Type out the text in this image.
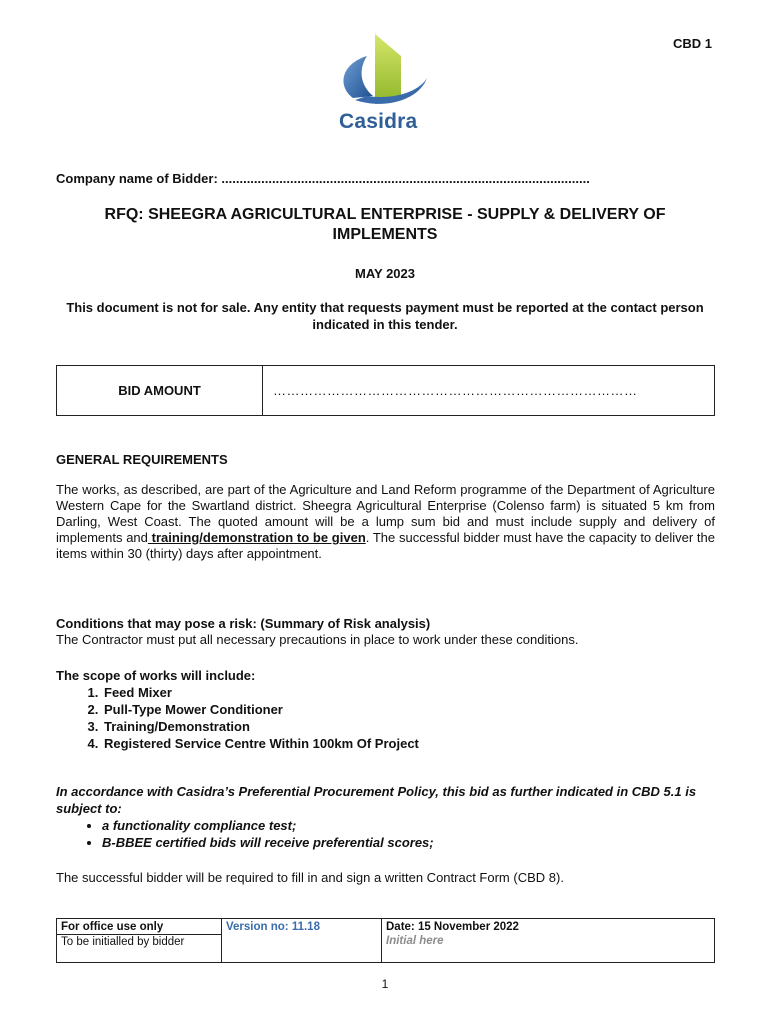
CBD 1
Casidra
Company name of Bidder: ......................................................................................................
RFQ: SHEEGRA AGRICULTURAL ENTERPRISE - SUPPLY & DELIVERY OF
IMPLEMENTS
MAY 2023
This document is not for sale. Any entity that requests payment must be reported at the contact person indicated in this tender.
BID AMOUNT	………………………………………………………………………
GENERAL REQUIREMENTS
The works, as described, are part of the Agriculture and Land Reform programme of the Department of Agriculture Western Cape for the Swartland district. Sheegra Agricultural Enterprise (Colenso farm) is situated 5 km from Darling, West Coast. The quoted amount will be a lump sum bid and must include supply and delivery of implements and training/demonstration to be given. The successful bidder must have the capacity to deliver the items within 30 (thirty) days after appointment.
Conditions that may pose a risk: (Summary of Risk analysis)
The Contractor must put all necessary precautions in place to work under these conditions.
The scope of works will include:
1. Feed Mixer
2. Pull-Type Mower Conditioner
3. Training/Demonstration
4. Registered Service Centre Within 100km Of Project
In accordance with Casidra’s Preferential Procurement Policy, this bid as further indicated in CBD 5.1 is subject to:
• a functionality compliance test;
• B-BBEE certified bids will receive preferential scores;
The successful bidder will be required to fill in and sign a written Contract Form (CBD 8).
For office use only
To be initialled by bidder
Version no: 11.18	Date: 15 November 2022
Initial here
1
